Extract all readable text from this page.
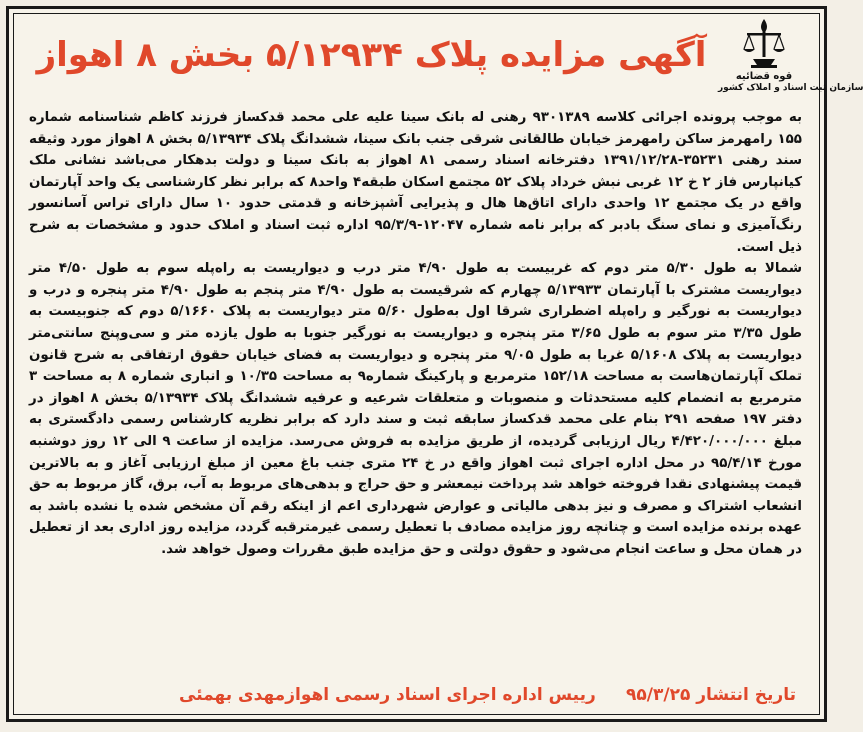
قوه قضائیه
سازمان ثبت اسناد و املاک کشور
آگهی مزایده پلاک ۵/۱۲۹۳۴ بخش ۸ اهواز

به موجب پرونده اجرائی کلاسه ۹۳۰۱۳۸۹ رهنی له بانک سینا علیه علی محمد قدکساز فرزند کاظم شناسنامه شماره ۱۵۵ رامهرمز ساکن رامهرمز خیابان طالقانی شرقی جنب بانک سینا، ششدانگ پلاک ۵/۱۳۹۳۴ بخش ۸ اهواز مورد وثیقه سند رهنی ۳۵۲۳۱-۱۳۹۱/۱۲/۲۸ دفترخانه اسناد رسمی ۸۱ اهواز به بانک سینا و دولت بدهکار می‌باشد نشانی ملک کیانپارس فاز ۲ خ ۱۲ غربی نبش خرداد پلاک ۵۲ مجتمع اسکان طبقه۴ واحد۸ که برابر نظر کارشناسی یک واحد آپارتمان واقع در یک مجتمع ۱۲ واحدی دارای اتاق‌ها هال و پذیرایی آشپزخانه و قدمتی حدود ۱۰ سال دارای تراس آسانسور رنگ‌آمیزی و نمای سنگ بادبر که برابر نامه شماره ۱۲۰۴۷-۹۵/۳/۹ اداره ثبت اسناد و املاک حدود و مشخصات به شرح ذیل است.

شمالا به طول ۵/۳۰ متر دوم که غربیست به طول ۴/۹۰ متر درب و دیواریست به راه‌پله سوم به طول ۴/۵۰ متر دیواریست مشترک با آپارتمان ۵/۱۳۹۳۳ چهارم که شرقیست به طول ۴/۹۰ متر پنجم به طول ۴/۹۰ متر پنجره و درب و دیواریست به نورگیر و راه‌پله اضطراری شرقا اول به‌طول ۵/۶۰ متر دیواریست به پلاک ۵/۱۶۶۰ دوم که جنوبیست به طول ۳/۳۵ متر سوم به طول ۳/۶۵ متر پنجره و دیواریست به نورگیر جنوبا به طول یازده متر و سی‌وپنج سانتی‌متر دیواریست به پلاک ۵/۱۶۰۸ غربا به طول ۹/۰۵ متر پنجره و دیواریست به فضای خیابان حقوق ارتفاقی به شرح قانون تملک آپارتمان‌هاست به مساحت ۱۵۲/۱۸ مترمربع و پارکینگ شماره۹ به مساحت ۱۰/۳۵ و انباری شماره ۸ به مساحت ۳ مترمربع به انضمام کلیه مستحدثات و منصوبات و متعلقات شرعیه و عرفیه ششدانگ پلاک ۵/۱۳۹۳۴ بخش ۸ اهواز در دفتر ۱۹۷ صفحه ۲۹۱ بنام علی محمد قدکساز سابقه ثبت و سند دارد که برابر نظریه کارشناس رسمی دادگستری به مبلغ ۴/۴۲۰/۰۰۰/۰۰۰ ریال ارزیابی گردیده، از طریق مزایده به فروش می‌رسد. مزایده از ساعت ۹ الی ۱۲ روز دوشنبه مورخ ۹۵/۴/۱۴ در محل اداره اجرای ثبت اهواز واقع در خ ۲۴ متری جنب باغ معین از مبلغ ارزیابی آغاز و به بالاترین قیمت پیشنهادی نقدا فروخته خواهد شد پرداخت نیمعشر و حق حراج و بدهی‌های مربوط به آب، برق، گاز مربوط به حق انشعاب اشتراک و مصرف و نیز بدهی مالیاتی و عوارض شهرداری اعم از اینکه رقم آن مشخص شده یا نشده باشد به عهده برنده مزایده است و چنانچه روز مزایده مصادف با تعطیل رسمی غیرمترقبه گردد، مزایده روز اداری بعد از تعطیل در همان محل و ساعت انجام می‌شود و حقوق دولتی و حق مزایده طبق مقررات وصول خواهد شد.

تاریخ انتشار ۹۵/۳/۲۵
رییس اداره اجرای اسناد رسمی اهوازمهدی بهمئی
